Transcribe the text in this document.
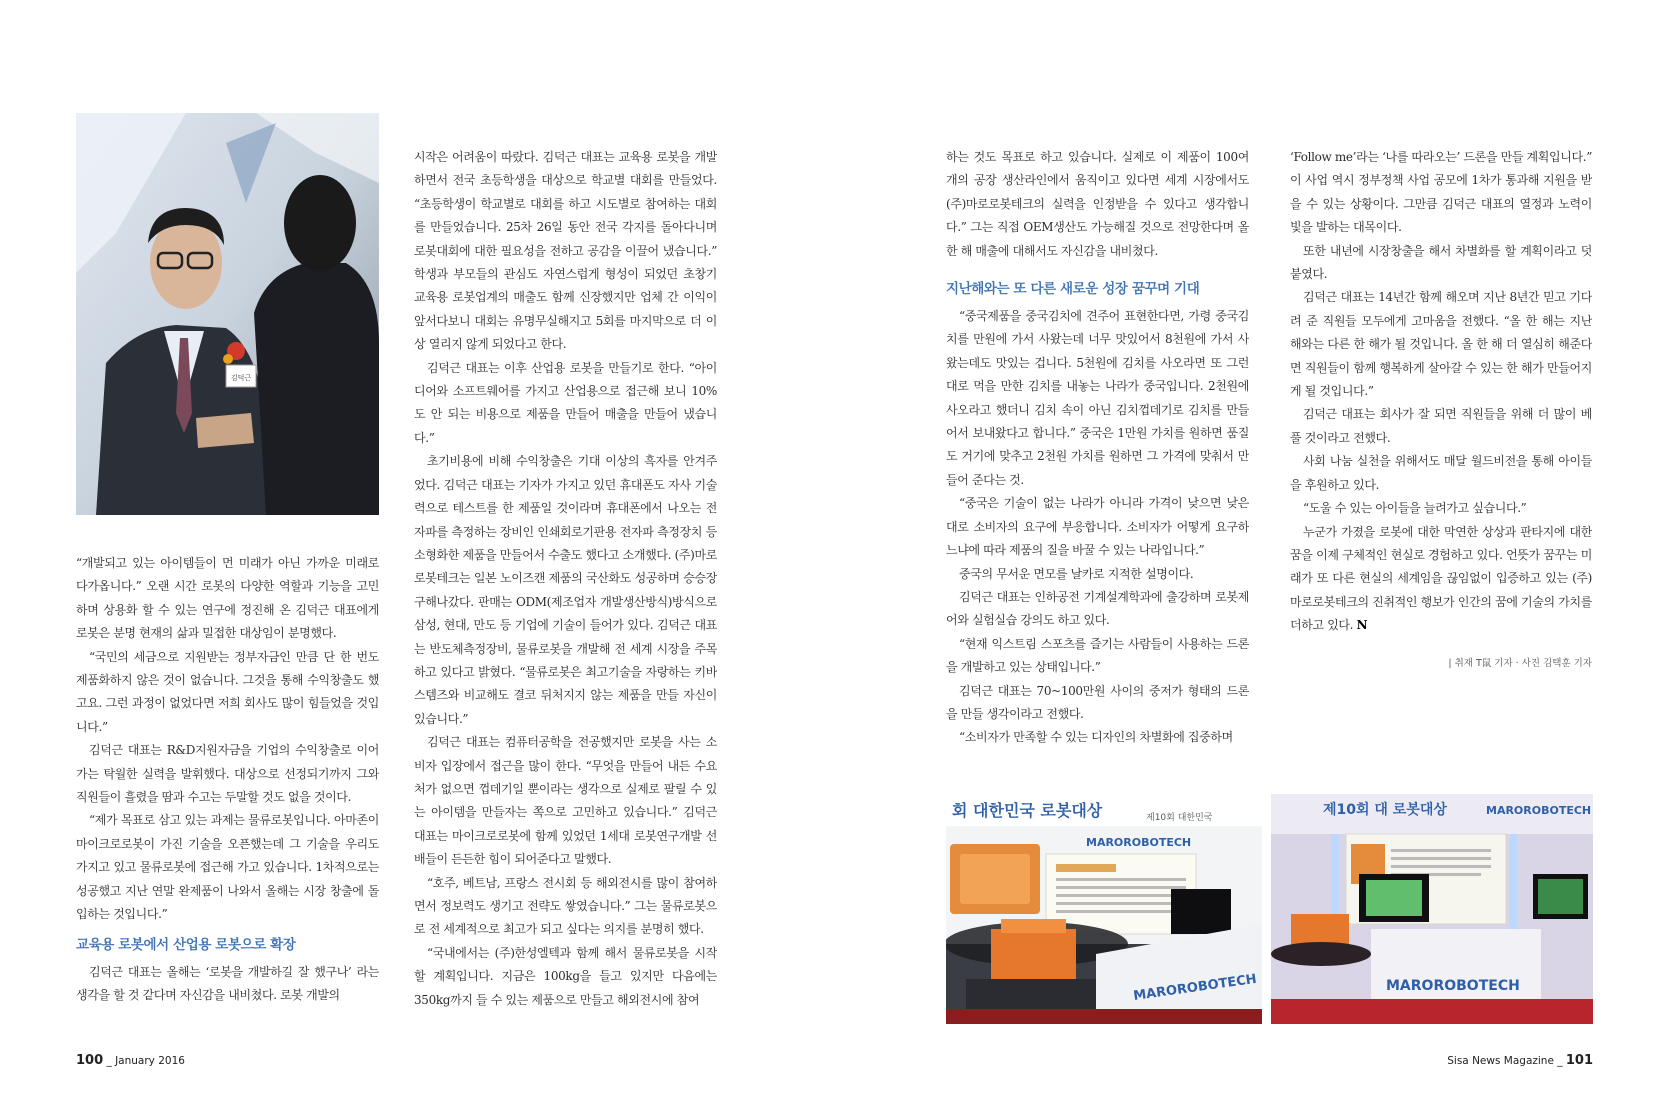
김덕근

“개발되고 있는 아이템들이 먼 미래가 아닌 가까운 미래로 다가옵니다.” 오랜 시간 로봇의 다양한 역할과 기능을 고민하며 상용화 할 수 있는 연구에 정진해 온 김덕근 대표에게 로봇은 분명 현재의 삶과 밀접한 대상임이 분명했다.

“국민의 세금으로 지원받는 정부자금인 만큼 단 한 번도 제품화하지 않은 것이 없습니다. 그것을 통해 수익창출도 했고요. 그런 과정이 없었다면 저희 회사도 많이 힘들었을 것입니다.”

김덕근 대표는 R&D지원자금을 기업의 수익창출로 이어가는 탁월한 실력을 발휘했다. 대상으로 선정되기까지 그와 직원들이 흘렸을 땀과 수고는 두말할 것도 없을 것이다.

“제가 목표로 삼고 있는 과제는 물류로봇입니다. 아마존이 마이크로로봇이 가진 기술을 오픈했는데 그 기술을 우리도 가지고 있고 물류로봇에 접근해 가고 있습니다. 1차적으로는 성공했고 지난 연말 완제품이 나와서 올해는 시장 창출에 돌입하는 것입니다.”

교육용 로봇에서 산업용 로봇으로 확장

김덕근 대표는 올해는 ‘로봇을 개발하길 잘 했구나’ 라는 생각을 할 것 같다며 자신감을 내비쳤다. 로봇 개발의

시작은 어려움이 따랐다. 김덕근 대표는 교육용 로봇을 개발하면서 전국 초등학생을 대상으로 학교별 대회를 만들었다. “초등학생이 학교별로 대회를 하고 시도별로 참여하는 대회를 만들었습니다. 25차 26일 동안 전국 각지를 돌아다니며 로봇대회에 대한 필요성을 전하고 공감을 이끌어 냈습니다.” 학생과 부모들의 관심도 자연스럽게 형성이 되었던 초창기 교육용 로봇업계의 매출도 함께 신장했지만 업체 간 이익이 앞서다보니 대회는 유명무실해지고 5회를 마지막으로 더 이상 열리지 않게 되었다고 한다.

김덕근 대표는 이후 산업용 로봇을 만들기로 한다. “아이디어와 소프트웨어를 가지고 산업용으로 접근해 보니 10%도 안 되는 비용으로 제품을 만들어 매출을 만들어 냈습니다.”

초기비용에 비해 수익창출은 기대 이상의 흑자를 안겨주었다. 김덕근 대표는 기자가 가지고 있던 휴대폰도 자사 기술력으로 테스트를 한 제품일 것이라며 휴대폰에서 나오는 전자파를 측정하는 장비인 인쇄회로기판용 전자파 측정장치 등 소형화한 제품을 만들어서 수출도 했다고 소개했다. (주)마로로봇테크는 일본 노이즈캔 제품의 국산화도 성공하며 승승장구해나갔다. 판매는 ODM(제조업자 개발생산방식)방식으로 삼성, 현대, 만도 등 기업에 기술이 들어가 있다. 김덕근 대표는 반도체측정장비, 물류로봇을 개발해 전 세계 시장을 주목하고 있다고 밝혔다. “물류로봇은 최고기술을 자랑하는 키바스템즈와 비교해도 결코 뒤처지지 않는 제품을 만들 자신이 있습니다.”

김덕근 대표는 컴퓨터공학을 전공했지만 로봇을 사는 소비자 입장에서 접근을 많이 한다. “무엇을 만들어 내든 수요처가 없으면 껍데기일 뿐이라는 생각으로 실제로 팔릴 수 있는 아이템을 만들자는 쪽으로 고민하고 있습니다.” 김덕근 대표는 마이크로로봇에 함께 있었던 1세대 로봇연구개발 선배들이 든든한 힘이 되어준다고 말했다.

“호주, 베트남, 프랑스 전시회 등 해외전시를 많이 참여하면서 정보력도 생기고 전략도 쌓였습니다.” 그는 물류로봇으로 전 세계적으로 최고가 되고 싶다는 의지를 분명히 했다.

“국내에서는 (주)한성엘텍과 함께 해서 물류로봇을 시작할 계획입니다. 지금은 100kg을 들고 있지만 다음에는 350kg까지 들 수 있는 제품으로 만들고 해외전시에 참여

하는 것도 목표로 하고 있습니다. 실제로 이 제품이 100여 개의 공장 생산라인에서 움직이고 있다면 세계 시장에서도 (주)마로로봇테크의 실력을 인정받을 수 있다고 생각합니다.” 그는 직접 OEM생산도 가능해질 것으로 전망한다며 올 한 해 매출에 대해서도 자신감을 내비쳤다.

지난해와는 또 다른 새로운 성장 꿈꾸며 기대

“중국제품을 중국김치에 견주어 표현한다면, 가령 중국김치를 만원에 가서 사왔는데 너무 맛있어서 8천원에 가서 사왔는데도 맛있는 겁니다. 5천원에 김치를 사오라면 또 그런대로 먹을 만한 김치를 내놓는 나라가 중국입니다. 2천원에 사오라고 했더니 김치 속이 아닌 김치껍데기로 김치를 만들어서 보내왔다고 합니다.” 중국은 1만원 가치를 원하면 품질도 거기에 맞추고 2천원 가치를 원하면 그 가격에 맞춰서 만들어 준다는 것.

“중국은 기술이 없는 나라가 아니라 가격이 낮으면 낮은 대로 소비자의 요구에 부응합니다. 소비자가 어떻게 요구하느냐에 따라 제품의 질을 바꿀 수 있는 나라입니다.”

중국의 무서운 면모를 날카로 지적한 설명이다.

김덕근 대표는 인하공전 기계설계학과에 출강하며 로봇제어와 실험실습 강의도 하고 있다.

“현재 익스트림 스포츠를 즐기는 사람들이 사용하는 드론을 개발하고 있는 상태입니다.”

김덕근 대표는 70~100만원 사이의 중저가 형태의 드론을 만들 생각이라고 전했다.

“소비자가 만족할 수 있는 디자인의 차별화에 집중하며

‘Follow me’라는 ‘나를 따라오는’ 드론을 만들 계획입니다.” 이 사업 역시 정부정책 사업 공모에 1차가 통과해 지원을 받을 수 있는 상황이다. 그만큼 김덕근 대표의 열정과 노력이 빛을 발하는 대목이다.

또한 내년에 시장창출을 해서 차별화를 할 계획이라고 덧붙였다.

김덕근 대표는 14년간 함께 해오며 지난 8년간 믿고 기다려 준 직원들 모두에게 고마움을 전했다. “올 한 해는 지난 해와는 다른 한 해가 될 것입니다. 올 한 해 더 열심히 해준다면 직원들이 함께 행복하게 살아갈 수 있는 한 해가 만들어지게 될 것입니다.”

김덕근 대표는 회사가 잘 되면 직원들을 위해 더 많이 베풀 것이라고 전했다.

사회 나눔 실천을 위해서도 매달 월드비전을 통해 아이들을 후원하고 있다.

“도울 수 있는 아이들을 늘려가고 싶습니다.”

누군가 가졌을 로봇에 대한 막연한 상상과 판타지에 대한 꿈을 이제 구체적인 현실로 경험하고 있다. 언뜻가 꿈꾸는 미래가 또 다른 현실의 세계임을 끊임없이 입증하고 있는 (주)마로로봇테크의 진취적인 행보가 인간의 꿈에 기술의 가치를 더하고 있다. N

| 취재 T鼠 기자 · 사진 김택훈 기자
회 대한민국 로봇대상	제10회 대한민국
MAROROBOTECH
MAROROBOTECH
제10회 대 로봇대상	MAROROBOTECH
MAROROBOTECH
100 _ January 2016	Sisa News Magazine _ 101
